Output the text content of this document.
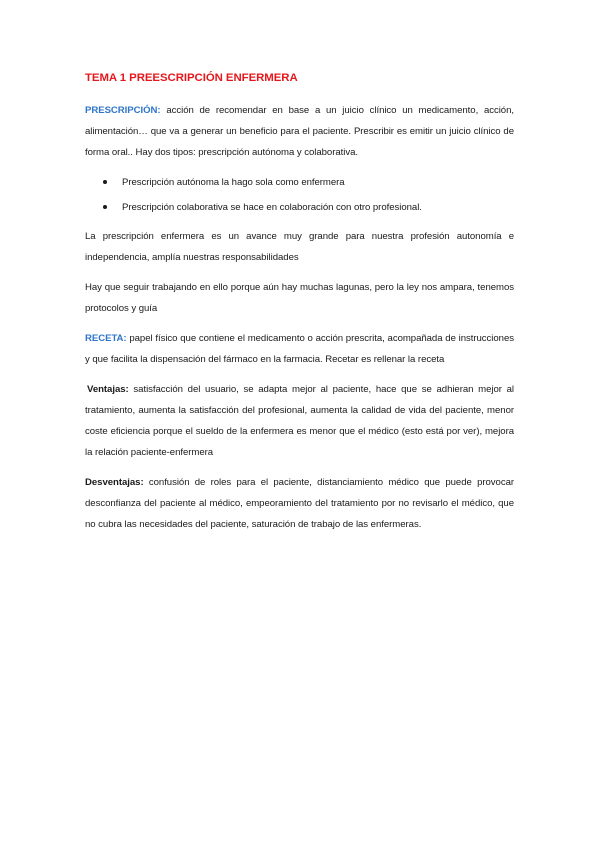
TEMA 1 PREESCRIPCIÓN ENFERMERA

PRESCRIPCIÓN: acción de recomendar en base a un juicio clínico un medicamento, acción, alimentación… que va a generar un beneficio para el paciente. Prescribir es emitir un juicio clínico de forma oral.. Hay dos tipos: prescripción autónoma y colaborativa.

Prescripción autónoma la hago sola como enfermera
Prescripción colaborativa se hace en colaboración con otro profesional.

La prescripción enfermera es un avance muy grande para nuestra profesión autonomía e independencia, amplía nuestras responsabilidades

Hay que seguir trabajando en ello porque aún hay muchas lagunas, pero la ley nos ampara, tenemos protocolos y guía

RECETA: papel físico que contiene el medicamento o acción prescrita, acompañada de instrucciones y que facilita la dispensación del fármaco en la farmacia. Recetar es rellenar la receta

Ventajas: satisfacción del usuario, se adapta mejor al paciente, hace que se adhieran mejor al tratamiento, aumenta la satisfacción del profesional, aumenta la calidad de vida del paciente, menor coste eficiencia porque el sueldo de la enfermera es menor que el médico (esto está por ver), mejora la relación paciente-enfermera

Desventajas: confusión de roles para el paciente, distanciamiento médico que puede provocar desconfianza del paciente al médico, empeoramiento del tratamiento por no revisarlo el médico, que no cubra las necesidades del paciente, saturación de trabajo de las enfermeras.
